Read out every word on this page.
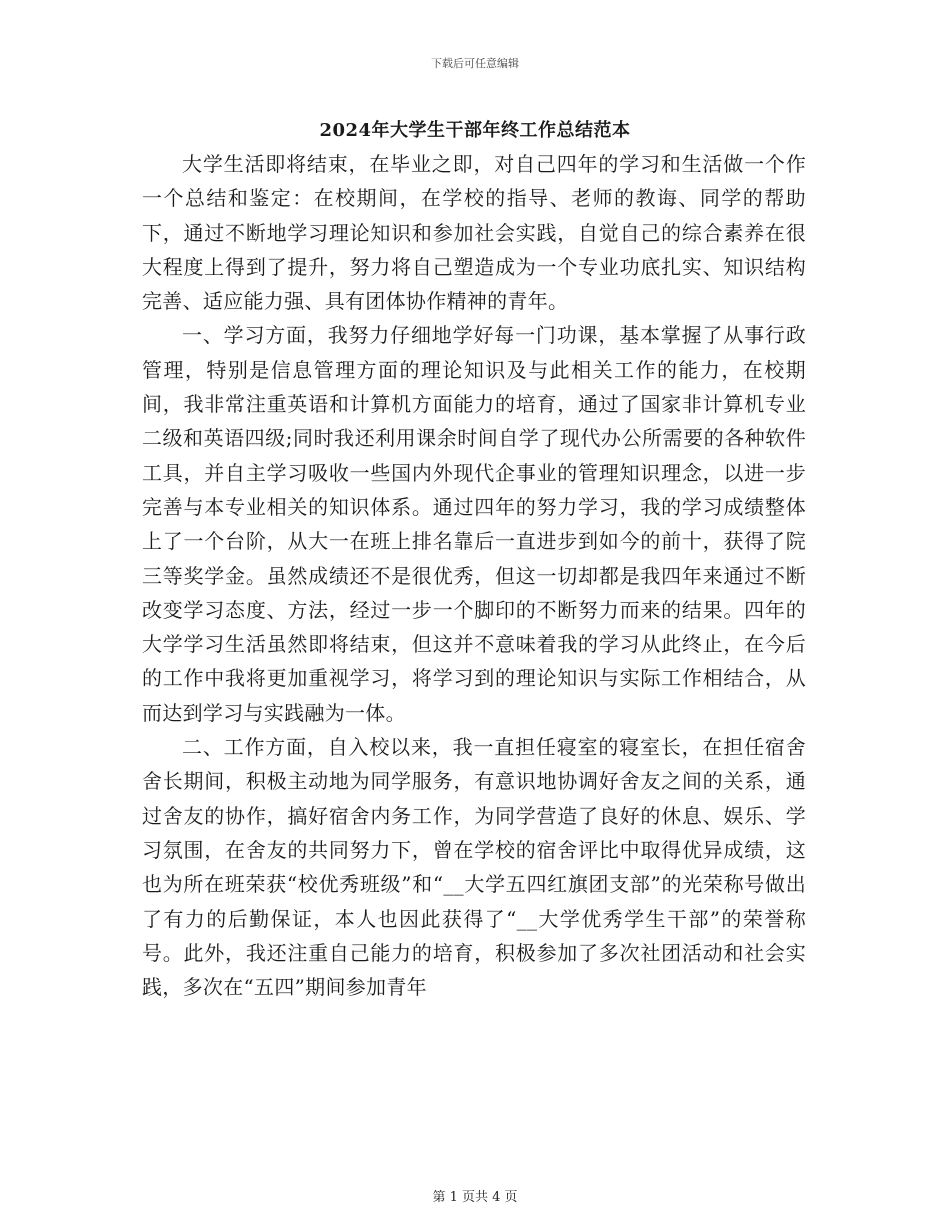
下载后可任意编辑
2024年大学生干部年终工作总结范本

大学生活即将结束，在毕业之即，对自己四年的学习和生活做一个作一个总结和鉴定：在校期间，在学校的指导、老师的教诲、同学的帮助下，通过不断地学习理论知识和参加社会实践，自觉自己的综合素养在很大程度上得到了提升，努力将自己塑造成为一个专业功底扎实、知识结构完善、适应能力强、具有团体协作精神的青年。

一、学习方面，我努力仔细地学好每一门功课，基本掌握了从事行政管理，特别是信息管理方面的理论知识及与此相关工作的能力，在校期间，我非常注重英语和计算机方面能力的培育，通过了国家非计算机专业二级和英语四级;同时我还利用课余时间自学了现代办公所需要的各种软件工具，并自主学习吸收一些国内外现代企事业的管理知识理念，以进一步完善与本专业相关的知识体系。通过四年的努力学习，我的学习成绩整体上了一个台阶，从大一在班上排名靠后一直进步到如今的前十，获得了院三等奖学金。虽然成绩还不是很优秀，但这一切却都是我四年来通过不断改变学习态度、方法，经过一步一个脚印的不断努力而来的结果。四年的大学学习生活虽然即将结束，但这并不意味着我的学习从此终止，在今后的工作中我将更加重视学习，将学习到的理论知识与实际工作相结合，从而达到学习与实践融为一体。

二、工作方面，自入校以来，我一直担任寝室的寝室长，在担任宿舍舍长期间，积极主动地为同学服务，有意识地协调好舍友之间的关系，通过舍友的协作，搞好宿舍内务工作，为同学营造了良好的休息、娱乐、学习氛围，在舍友的共同努力下，曾在学校的宿舍评比中取得优异成绩，这也为所在班荣获“校优秀班级”和“__大学五四红旗团支部”的光荣称号做出了有力的后勤保证，本人也因此获得了“__大学优秀学生干部”的荣誉称号。此外，我还注重自己能力的培育，积极参加了多次社团活动和社会实践，多次在“五四”期间参加青年

第 1 页共 4 页
